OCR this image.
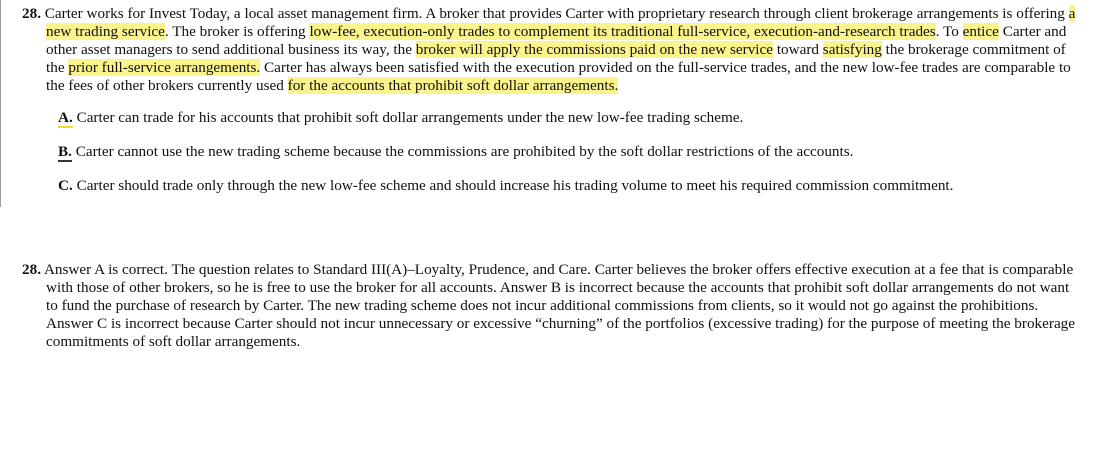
28. Carter works for Invest Today, a local asset management firm. A broker that provides Carter with proprietary research through client brokerage arrangements is offering a new trading service. The broker is offering low-fee, execution-only trades to complement its traditional full-service, execution-and-research trades. To entice Carter and other asset managers to send additional business its way, the broker will apply the commissions paid on the new service toward satisfying the brokerage commitment of the prior full-service arrangements. Carter has always been satisfied with the execution provided on the full-service trades, and the new low-fee trades are comparable to the fees of other brokers currently used for the accounts that prohibit soft dollar arrangements.

A. Carter can trade for his accounts that prohibit soft dollar arrangements under the new low-fee trading scheme.

B. Carter cannot use the new trading scheme because the commissions are prohibited by the soft dollar restrictions of the accounts.

C. Carter should trade only through the new low-fee scheme and should increase his trading volume to meet his required commission commitment.

28. Answer A is correct. The question relates to Standard III(A)–Loyalty, Prudence, and Care. Carter believes the broker offers effective execution at a fee that is comparable with those of other brokers, so he is free to use the broker for all accounts. Answer B is incorrect because the accounts that prohibit soft dollar arrangements do not want to fund the purchase of research by Carter. The new trading scheme does not incur additional commissions from clients, so it would not go against the prohibitions. Answer C is incorrect because Carter should not incur unnecessary or excessive “churning” of the portfolios (excessive trading) for the purpose of meeting the brokerage commitments of soft dollar arrangements.
